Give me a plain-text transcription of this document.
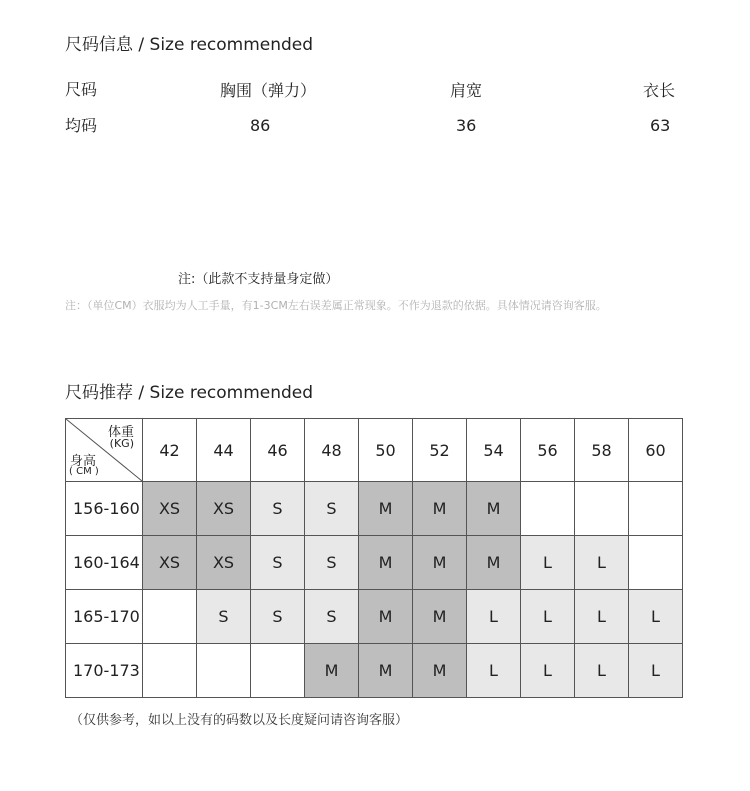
尺码信息 / Size recommended
尺码	胸围（弹力）	肩宽	衣长
均码	86	36	63
注:（此款不支持量身定做）
注：（单位CM）衣服均为人工手量，有1-3CM左右误差属正常现象。不作为退款的依据。具体情况请咨询客服。
尺码推荐 / Size recommended
体重
(KG)
身高
( CM )	42	44	46	48	50	52	54	56	58	60
156-160	XS	XS	S	S	M	M	M			
160-164	XS	XS	S	S	M	M	M	L	L	
165-170		S	S	S	M	M	L	L	L	L
170-173				M	M	M	L	L	L	L
（仅供参考，如以上没有的码数以及长度疑问请咨询客服）
